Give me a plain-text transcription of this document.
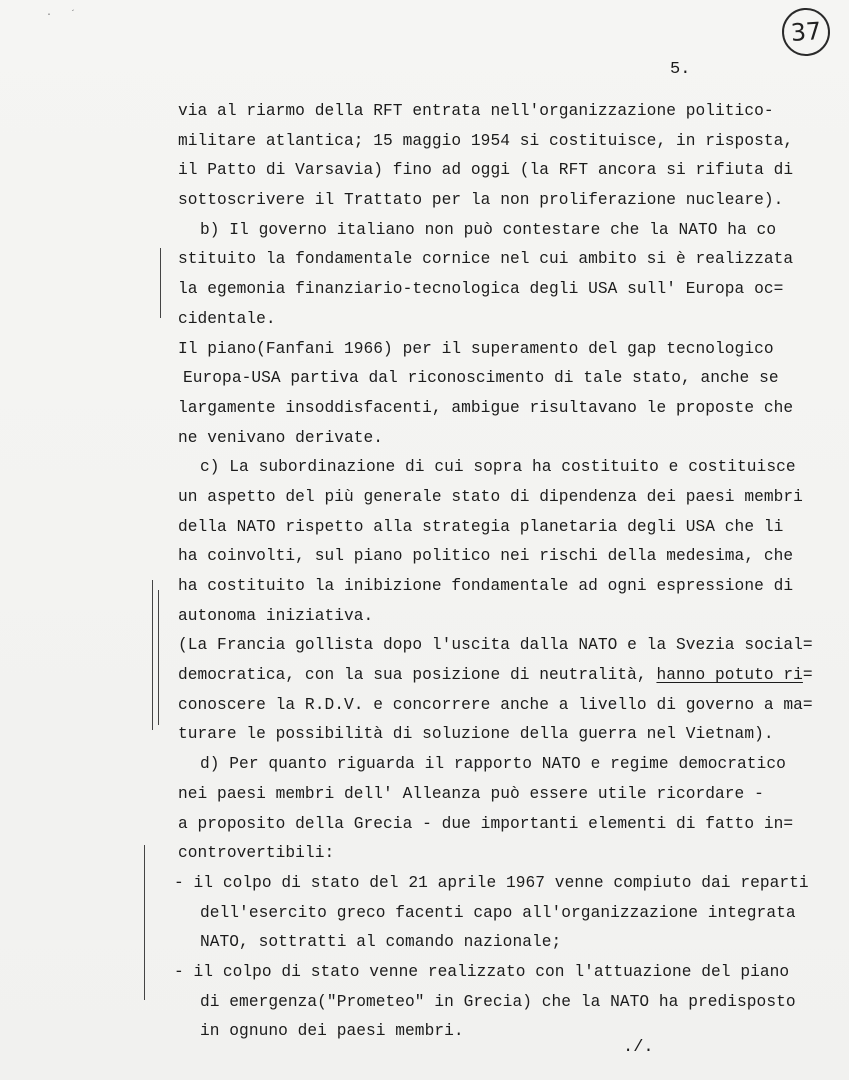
·   ´
37
5.
via al riarmo della RFT entrata nell'organizzazione politico-
militare atlantica; 15 maggio 1954 si costituisce, in risposta,
il Patto di Varsavia) fino ad oggi (la RFT ancora si rifiuta di
sottoscrivere il Trattato per la non proliferazione nucleare).
b) Il governo italiano non può contestare che la NATO ha co
stituito la fondamentale cornice nel cui ambito si è realizzata
la egemonia finanziario-tecnologica degli USA sull' Europa oc=
cidentale.
Il piano(Fanfani 1966) per il superamento del gap tecnologico
Europa-USA partiva dal riconoscimento di tale stato, anche se
largamente insoddisfacenti, ambigue risultavano le proposte che
ne venivano derivate.
c) La subordinazione di cui sopra ha costituito e costituisce
un aspetto del più generale stato di dipendenza dei paesi membri
della NATO rispetto alla strategia planetaria degli USA che li
ha coinvolti, sul piano politico nei rischi della medesima, che
ha costituito la inibizione fondamentale ad ogni espressione di
autonoma iniziativa.
(La Francia gollista dopo l'uscita dalla NATO e la Svezia social=
democratica, con la sua posizione di neutralità, hanno potuto ri=
conoscere la R.D.V. e concorrere anche a livello di governo a ma=
turare le possibilità di soluzione della guerra nel Vietnam).
d) Per quanto riguarda il rapporto NATO e regime democratico
nei paesi membri dell' Alleanza può essere utile ricordare -
a proposito della Grecia - due importanti elementi di fatto in=
controvertibili:
- il colpo di stato del 21 aprile 1967 venne compiuto dai reparti
dell'esercito greco facenti capo all'organizzazione integrata
NATO, sottratti al comando nazionale;
- il colpo di stato venne realizzato con l'attuazione del piano
di emergenza("Prometeo" in Grecia) che la NATO ha predisposto
in ognuno dei paesi membri.
./.
